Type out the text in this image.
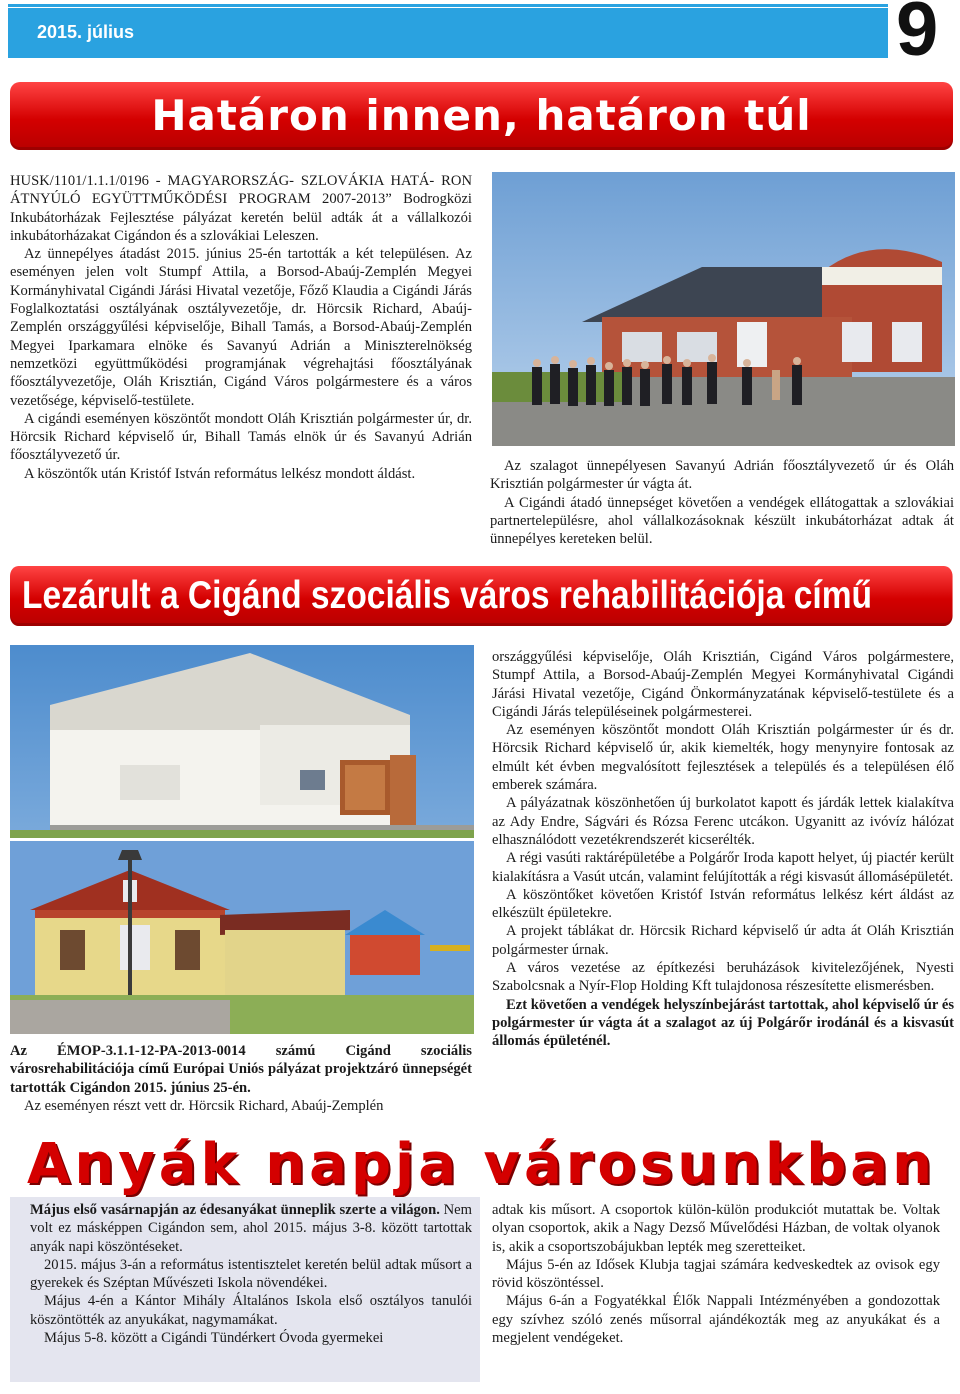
2015. július	9
Határon innen, határon túl

HUSK/1101/1.1.1/0196 - MAGYARORSZÁG- SZLOVÁKIA HATÁ- RON ÁTNYÚLÓ EGYÜTTMŰKÖDÉSI PROGRAM 2007-2013” Bodrogközi Inkubátorházak Fejlesztése pályázat keretén belül adták át a vállalkozói inkubátorházakat Cigándon és a szlovákiai Leleszen.

Az ünnepélyes átadást 2015. június 25-én tartották a két településen. Az eseményen jelen volt Stumpf Attila, a Borsod-Abaúj-Zemplén Megyei Kormányhivatal Cigándi Járási Hivatal vezetője, Főző Klaudia a Cigándi Járás Foglalkoztatási osztályának osztályvezetője, dr. Hörcsik Richard, Abaúj-Zemplén országgyűlési képviselője, Bihall Tamás, a Borsod-Abaúj-Zemplén Megyei Iparkamara elnöke és Savanyú Adrián a Miniszterelnökség nemzetközi együttműködési programjának végrehajtási főosztályának főosztályvezetője, Oláh Krisztián, Cigánd Város polgármestere és a város vezetősége, képviselő-testülete.

A cigándi eseményen köszöntőt mondott Oláh Krisztián polgármester úr, dr. Hörcsik Richard képviselő úr, Bihall Tamás elnök úr és Savanyú Adrián főosztályvezető úr.

A köszöntők után Kristóf István református lelkész mondott áldást.	Az szalagot ünnepélyesen Savanyú Adrián főosztályvezető úr és Oláh Krisztián polgármester úr vágta át.

A Cigándi átadó ünnepséget követően a vendégek ellátogattak a szlovákiai partnertelepülésre, ahol vállalkozásoknak készült inkubátorházat adtak át ünnepélyes kereteken belül.

Lezárult a Cigánd szociális város rehabilitációja című

Az ÉMOP-3.1.1-12-PA-2013-0014 számú Cigánd szociális városrehabilitációja című Európai Uniós pályázat projektzáró ünnepségét tartották Cigándon 2015. június 25-én.

Az eseményen részt vett dr. Hörcsik Richard, Abaúj-Zemplén

országgyűlési képviselője, Oláh Krisztián, Cigánd Város polgármestere, Stumpf Attila, a Borsod-Abaúj-Zemplén Megyei Kormányhivatal Cigándi Járási Hivatal vezetője, Cigánd Önkormányzatának képviselő-testülete és a Cigándi Járás településeinek polgármesterei.

Az eseményen köszöntőt mondott Oláh Krisztián polgármester úr és dr. Hörcsik Richard képviselő úr, akik kiemelték, hogy menynyire fontosak az elmúlt két évben megvalósított fejlesztések a település és a településen élő emberek számára.

A pályázatnak köszönhetően új burkolatot kapott és járdák lettek kialakítva az Ady Endre, Ságvári és Rózsa Ferenc utcákon. Ugyanitt az ivóvíz hálózat elhasználódott vezetékrendszerét kicserélték.

A régi vasúti raktárépületébe a Polgárőr Iroda kapott helyet, új piactér került kialakításra a Vasút utcán, valamint felújították a régi kisvasút állomásépületét.

A köszöntőket követően Kristóf István református lelkész kért áldást az elkészült épületekre.

A projekt táblákat dr. Hörcsik Richard képviselő úr adta át Oláh Krisztián polgármester úrnak.

A város vezetése az építkezési beruházások kivitelezőjének, Nyesti Szabolcsnak a Nyír-Flop Holding Kft tulajdonosa részesítette elismerésben.

Ezt követően a vendégek helyszínbejárást tartottak, ahol képviselő úr és polgármester úr vágta át a szalagot az új Polgárőr irodánál és a kisvasút állomás épületénél.

Anyák napja városunkban

Május első vasárnapján az édesanyákat ünneplik szerte a világon. Nem volt ez másképpen Cigándon sem, ahol 2015. május 3-8. között tartottak anyák napi köszöntéseket.

2015. május 3-án a református istentisztelet keretén belül adtak műsort a gyerekek és Széptan Művészeti Iskola növendékei.

Május 4-én a Kántor Mihály Általános Iskola első osztályos tanulói köszöntötték az anyukákat, nagymamákat.

Május 5-8. között a Cigándi Tündérkert Óvoda gyermekei

adtak kis műsort. A csoportok külön-külön produkciót mutattak be. Voltak olyan csoportok, akik a Nagy Dezső Művelődési Házban, de voltak olyanok is, akik a csoportszobájukban lepték meg szeretteiket.

Május 5-én az Idősek Klubja tagjai számára kedveskedtek az ovisok egy rövid köszöntéssel.

Május 6-án a Fogyatékkal Élők Nappali Intézményében a gondozottak egy szívhez szóló zenés műsorral ajándékozták meg az anyukákat és a megjelent vendégeket.
